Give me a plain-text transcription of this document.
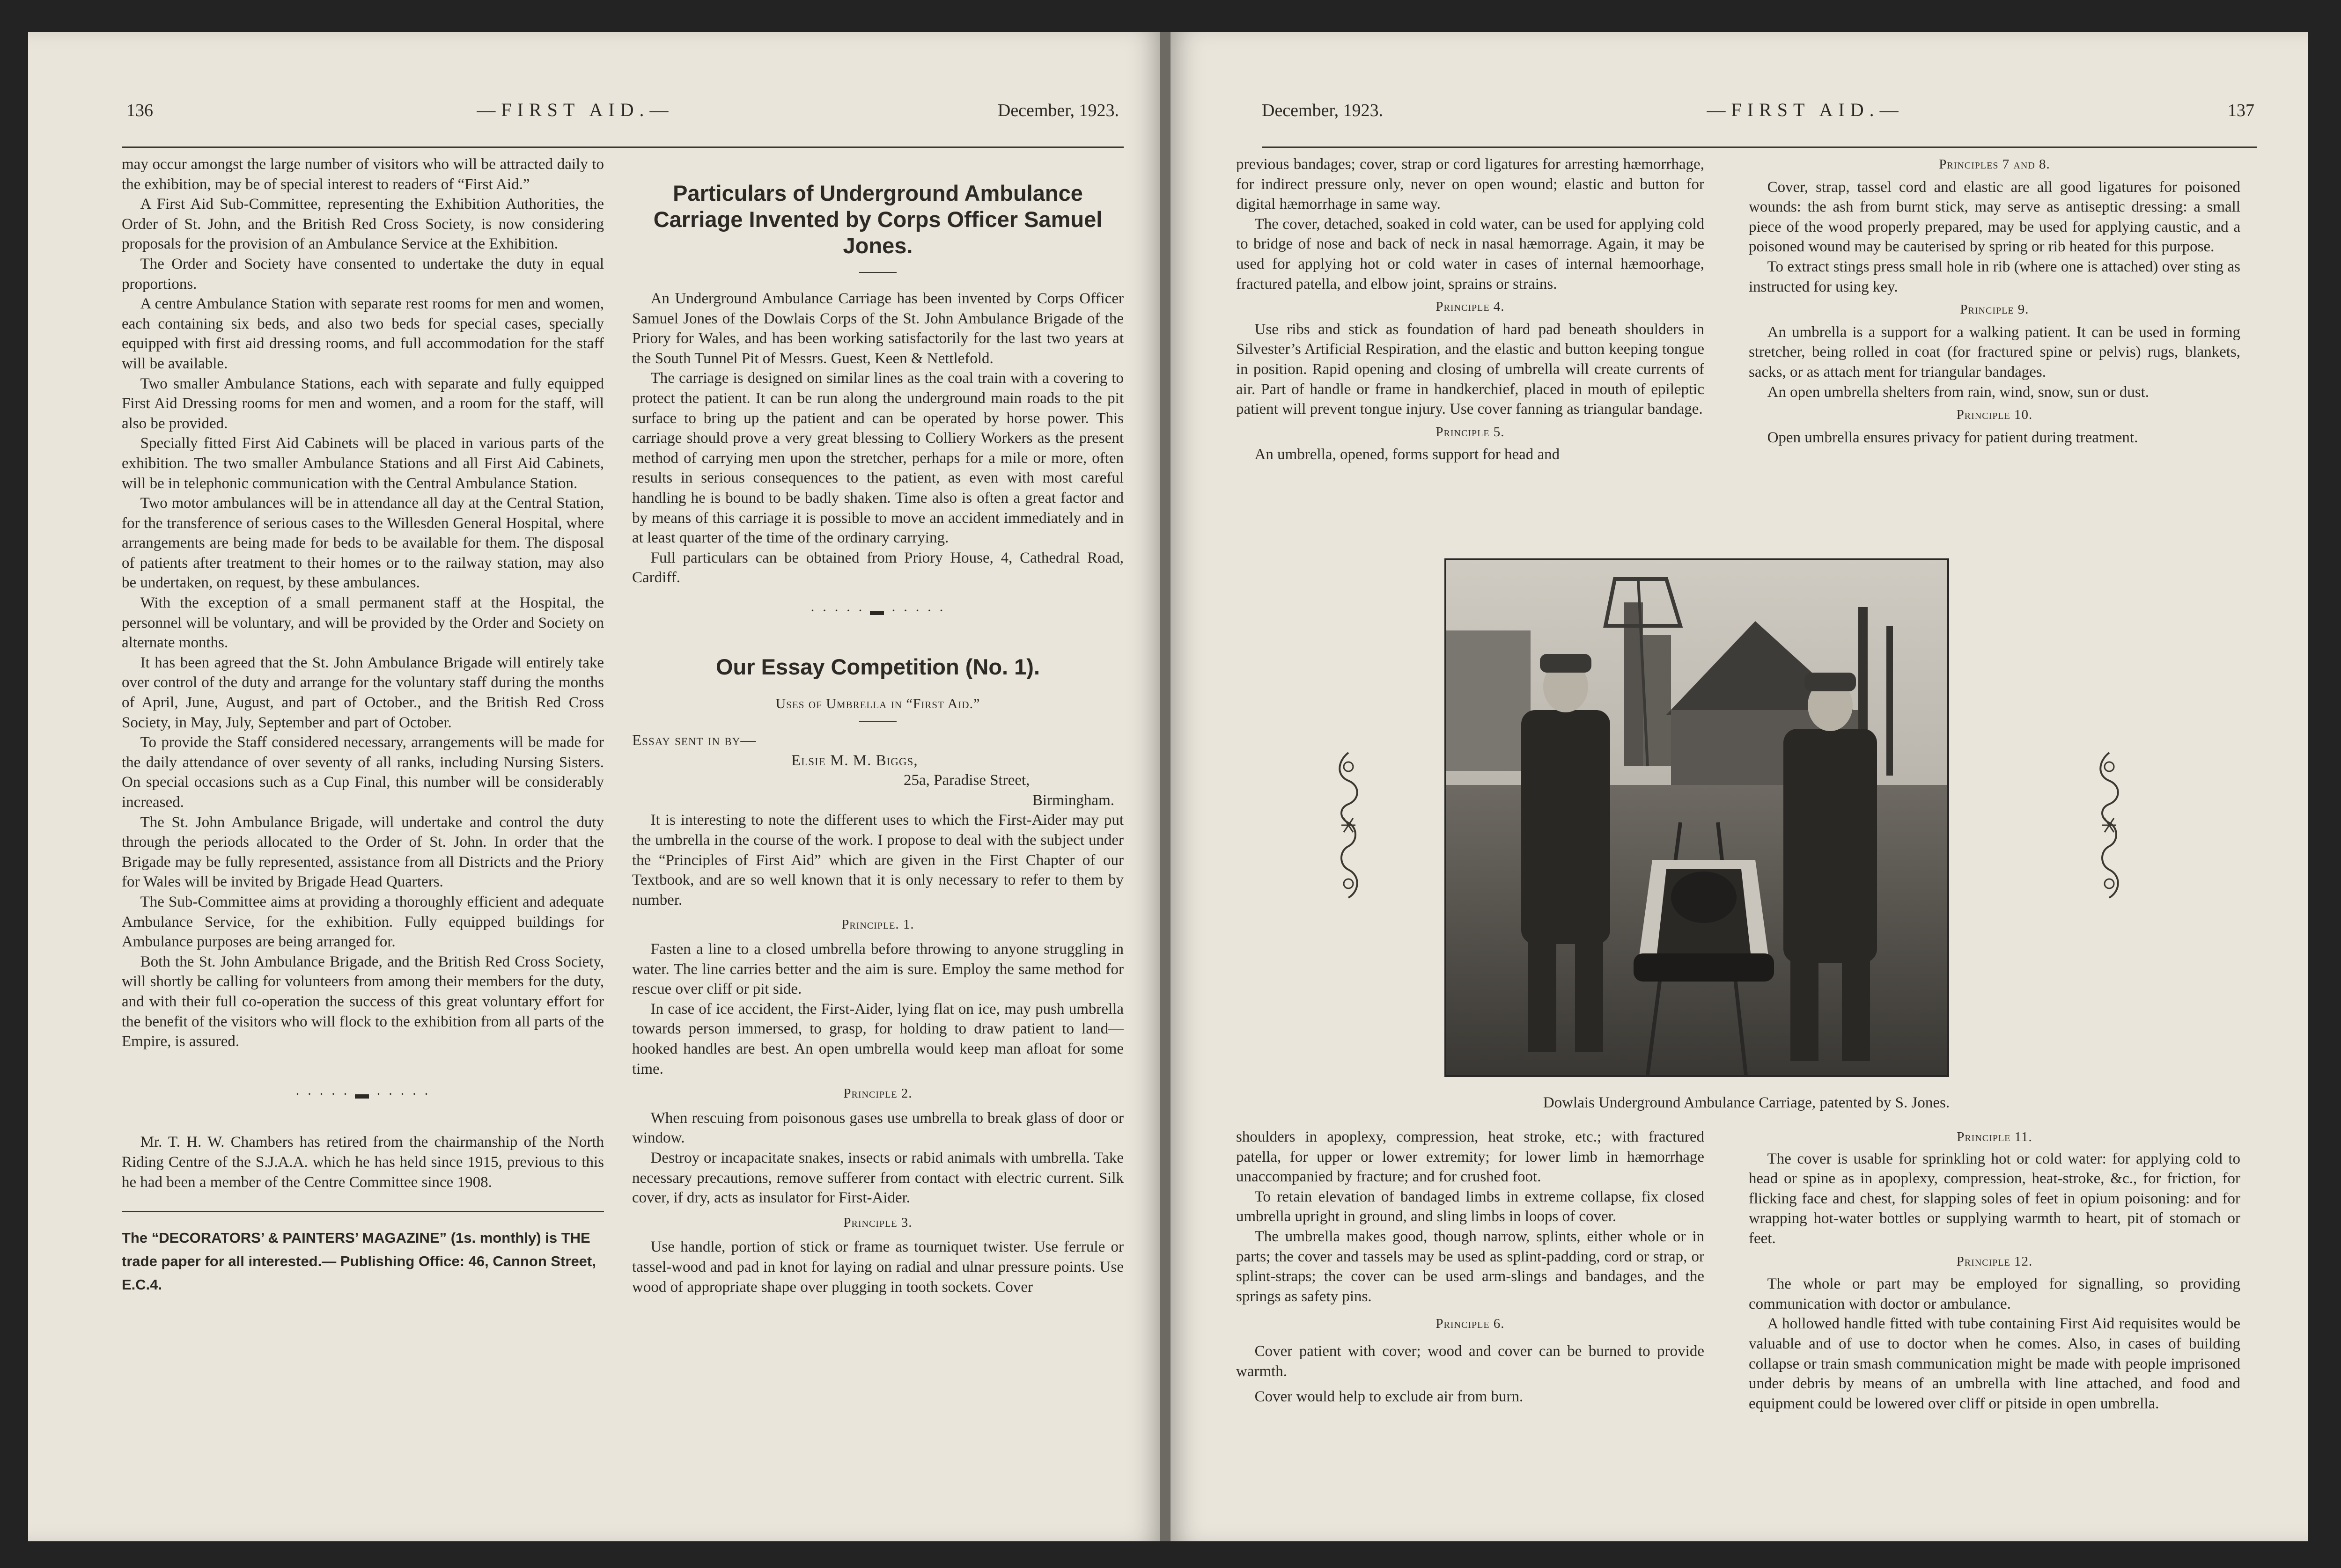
136	—FIRST AID.—	December, 1923.

may occur amongst the large number of visitors who will be attracted daily to the exhibition, may be of special interest to readers of “First Aid.”

A First Aid Sub-Committee, representing the Exhibition Authorities, the Order of St. John, and the British Red Cross Society, is now considering proposals for the provision of an Ambulance Service at the Exhibition.

The Order and Society have consented to undertake the duty in equal proportions.

A centre Ambulance Station with separate rest rooms for men and women, each containing six beds, and also two beds for special cases, specially equipped with first aid dressing rooms, and full accommodation for the staff will be available.

Two smaller Ambulance Stations, each with separate and fully equipped First Aid Dressing rooms for men and women, and a room for the staff, will also be provided.

Specially fitted First Aid Cabinets will be placed in various parts of the exhibition. The two smaller Ambulance Stations and all First Aid Cabinets, will be in telephonic communication with the Central Ambulance Station.

Two motor ambulances will be in attendance all day at the Central Station, for the transference of serious cases to the Willesden General Hospital, where arrangements are being made for beds to be available for them. The disposal of patients after treatment to their homes or to the railway station, may also be undertaken, on request, by these ambulances.

With the exception of a small permanent staff at the Hospital, the personnel will be voluntary, and will be provided by the Order and Society on alternate months.

It has been agreed that the St. John Ambulance Brigade will entirely take over control of the duty and arrange for the voluntary staff during the months of April, June, August, and part of October., and the British Red Cross Society, in May, July, September and part of October.

To provide the Staff considered necessary, arrangements will be made for the daily attendance of over seventy of all ranks, including Nursing Sisters. On special occasions such as a Cup Final, this number will be considerably increased.

The St. John Ambulance Brigade, will undertake and control the duty through the periods allocated to the Order of St. John. In order that the Brigade may be fully represented, assistance from all Districts and the Priory for Wales will be invited by Brigade Head Quarters.

The Sub-Committee aims at providing a thoroughly efficient and adequate Ambulance Service, for the exhibition. Fully equipped buildings for Ambulance purposes are being arranged for.

Both the St. John Ambulance Brigade, and the British Red Cross Society, will shortly be calling for volunteers from among their members for the duty, and with their full co-operation the success of this great voluntary effort for the benefit of the visitors who will flock to the exhibition from all parts of the Empire, is assured.

· · · · · ▬ · · · · ·

Mr. T. H. W. Chambers has retired from the chairmanship of the North Riding Centre of the S.J.A.A. which he has held since 1915, previous to this he had been a member of the Centre Committee since 1908.

The “DECORATORS’ & PAINTERS’ MAGAZINE” (1s. monthly) is THE trade paper for all interested.— Publishing Office: 46, Cannon Street, E.C.4.

Particulars of Underground Ambulance Carriage Invented by Corps Officer Samuel Jones.

An Underground Ambulance Carriage has been invented by Corps Officer Samuel Jones of the Dowlais Corps of the St. John Ambulance Brigade of the Priory for Wales, and has been working satisfactorily for the last two years at the South Tunnel Pit of Messrs. Guest, Keen & Nettlefold.

The carriage is designed on similar lines as the coal train with a covering to protect the patient. It can be run along the underground main roads to the pit surface to bring up the patient and can be operated by horse power. This carriage should prove a very great blessing to Colliery Workers as the present method of carrying men upon the stretcher, perhaps for a mile or more, often results in serious consequences to the patient, as even with most careful handling he is bound to be badly shaken. Time also is often a great factor and by means of this carriage it is possible to move an accident immediately and in at least quarter of the time of the ordinary carrying.

Full particulars can be obtained from Priory House, 4, Cathedral Road, Cardiff.

· · · · · ▬ · · · · ·
Our Essay Competition (No. 1).
Uses of Umbrella in “First Aid.”

Essay sent in by—

Elsie M. M. Biggs,

25a, Paradise Street,

Birmingham.

It is interesting to note the different uses to which the First-Aider may put the umbrella in the course of the work. I propose to deal with the subject under the “Principles of First Aid” which are given in the First Chapter of our Textbook, and are so well known that it is only necessary to refer to them by number.

Principle. 1.

Fasten a line to a closed umbrella before throwing to anyone struggling in water. The line carries better and the aim is sure. Employ the same method for rescue over cliff or pit side.

In case of ice accident, the First-Aider, lying flat on ice, may push umbrella towards person immersed, to grasp, for holding to draw patient to land—hooked handles are best. An open umbrella would keep man afloat for some time.

Principle 2.

When rescuing from poisonous gases use umbrella to break glass of door or window.

Destroy or incapacitate snakes, insects or rabid animals with umbrella. Take necessary precautions, remove sufferer from contact with electric current. Silk cover, if dry, acts as insulator for First-Aider.

Principle 3.

Use handle, portion of stick or frame as tourniquet twister. Use ferrule or tassel-wood and pad in knot for laying on radial and ulnar pressure points. Use wood of appropriate shape over plugging in tooth sockets. Cover

December, 1923.	—FIRST AID.—	137

previous bandages; cover, strap or cord ligatures for arresting hæmorrhage, for indirect pressure only, never on open wound; elastic and button for digital hæmorrhage in same way.

The cover, detached, soaked in cold water, can be used for applying cold to bridge of nose and back of neck in nasal hæmorrage. Again, it may be used for applying hot or cold water in cases of internal hæmoorhage, fractured patella, and elbow joint, sprains or strains.

Principle 4.

Use ribs and stick as foundation of hard pad beneath shoulders in Silvester’s Artificial Respiration, and the elastic and button keeping tongue in position. Rapid opening and closing of umbrella will create currents of air. Part of handle or frame in handkerchief, placed in mouth of epileptic patient will prevent tongue injury. Use cover fanning as triangular bandage.

Principle 5.

An umbrella, opened, forms support for head and

Principles 7 and 8.

Cover, strap, tassel cord and elastic are all good ligatures for poisoned wounds: the ash from burnt stick, may serve as antiseptic dressing: a small piece of the wood properly prepared, may be used for applying caustic, and a poisoned wound may be cauterised by spring or rib heated for this purpose.

To extract stings press small hole in rib (where one is attached) over sting as instructed for using key.

Principle 9.

An umbrella is a support for a walking patient. It can be used in forming stretcher, being rolled in coat (for fractured spine or pelvis) rugs, blankets, sacks, or as attach ment for triangular bandages.

An open umbrella shelters from rain, wind, snow, sun or dust.

Principle 10.

Open umbrella ensures privacy for patient during treatment.

Dowlais Underground Ambulance Carriage, patented by S. Jones.

shoulders in apoplexy, compression, heat stroke, etc.; with fractured patella, for upper or lower extremity; for lower limb in hæmorrhage unaccompanied by fracture; and for crushed foot.

To retain elevation of bandaged limbs in extreme collapse, fix closed umbrella upright in ground, and sling limbs in loops of cover.

The umbrella makes good, though narrow, splints, either whole or in parts; the cover and tassels may be used as splint-padding, cord or strap, or splint-straps; the cover can be used arm-slings and bandages, and the springs as safety pins.

Principle 6.

Cover patient with cover; wood and cover can be burned to provide warmth.

Cover would help to exclude air from burn.

Principle 11.

The cover is usable for sprinkling hot or cold water: for applying cold to head or spine as in apoplexy, compression, heat-stroke, &c., for friction, for flicking face and chest, for slapping soles of feet in opium poisoning: and for wrapping hot-water bottles or supplying warmth to heart, pit of stomach or feet.

Principle 12.

The whole or part may be employed for signalling, so providing communication with doctor or ambulance.

A hollowed handle fitted with tube containing First Aid requisites would be valuable and of use to doctor when he comes. Also, in cases of building collapse or train smash communication might be made with people imprisoned under debris by means of an umbrella with line attached, and food and equipment could be lowered over cliff or pitside in open umbrella.
